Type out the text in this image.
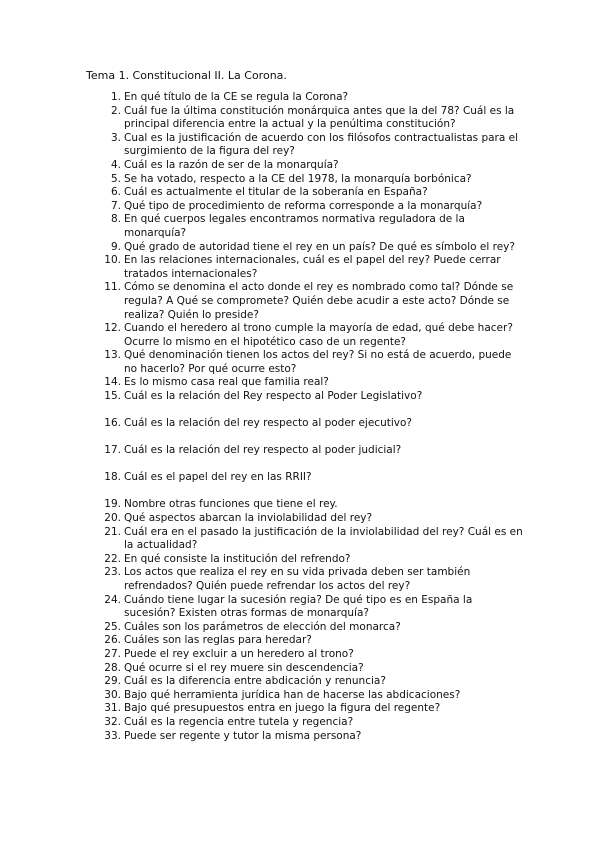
Tema 1. Constitucional II. La Corona.
1. En qué título de la CE se regula la Corona?
2. Cuál fue la última constitución monárquica antes que la del 78? Cuál es la principal diferencia entre la actual y la penúltima constitución?
3. Cual es la justificación de acuerdo con los filósofos contractualistas para el surgimiento de la figura del rey?
4. Cuál es la razón de ser de la monarquía?
5. Se ha votado, respecto a la CE del 1978, la monarquía borbónica?
6. Cuál es actualmente el titular de la soberanía en España?
7. Qué tipo de procedimiento de reforma corresponde a la monarquía?
8. En qué cuerpos legales encontramos normativa reguladora de la monarquía?
9. Qué grado de autoridad tiene el rey en un país? De qué es símbolo el rey?
10. En las relaciones internacionales, cuál es el papel del rey? Puede cerrar tratados internacionales?
11. Cómo se denomina el acto donde el rey es nombrado como tal? Dónde se regula? A Qué se compromete? Quién debe acudir a este acto? Dónde se realiza? Quién lo preside?
12. Cuando el heredero al trono cumple la mayoría de edad, qué debe hacer? Ocurre lo mismo en el hipotético caso de un regente?
13. Qué denominación tienen los actos del rey? Si no está de acuerdo, puede no hacerlo? Por qué ocurre esto?
14. Es lo mismo casa real que familia real?
15. Cuál es la relación del Rey respecto al Poder Legislativo?
16. Cuál es la relación del rey respecto al poder ejecutivo?
17. Cuál es la relación del rey respecto al poder judicial?
18. Cuál es el papel del rey en las RRII?
19. Nombre otras funciones que tiene el rey.
20. Qué aspectos abarcan la inviolabilidad del rey?
21. Cuál era en el pasado la justificación de la inviolabilidad del rey? Cuál es en la actualidad?
22. En qué consiste la institución del refrendo?
23. Los actos que realiza el rey en su vida privada deben ser también refrendados? Quién puede refrendar los actos del rey?
24. Cuándo tiene lugar la sucesión regia? De qué tipo es en España la sucesión? Existen otras formas de monarquía?
25. Cuáles son los parámetros de elección del monarca?
26. Cuáles son las reglas para heredar?
27. Puede el rey excluir a un heredero al trono?
28. Qué ocurre si el rey muere sin descendencia?
29. Cuál es la diferencia entre abdicación y renuncia?
30. Bajo qué herramienta jurídica han de hacerse las abdicaciones?
31. Bajo qué presupuestos entra en juego la figura del regente?
32. Cuál es la regencia entre tutela y regencia?
33. Puede ser regente y tutor la misma persona?
